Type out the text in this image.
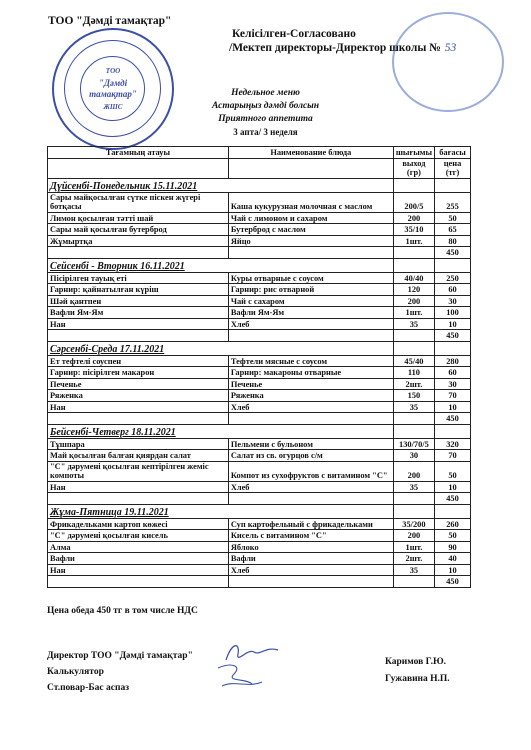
ТОО "Дәмді тамақтар"
Келісілген-Согласовано
/Мектеп директоры-Директор школы № 53
ТОО
"Дәмді
тамақтар"
ЖШС
Недельное меню
Астарыңыз дәмді болсын
Приятного аппетита
3 апта/ 3 неделя
Тағамның атауы	Наименование блюда	шығымы	бағасы
		выход (гр)	цена (тг)
Дүйсенбі-Понедельник 15.11.2021			
Сары майқосылған сүтке піскен жүгері ботқасы	Каша кукурузная молочная с маслом	200/5	255
Лимон қосылған тәтті шай	Чай с лимоном и сахаром	200	50
Сары май қосылған бутерброд	Бутерброд с маслом	35/10	65
Жұмыртқа	Яйцо	1шт.	80
			450
Сейсенбі - Вторник 16.11.2021			
Пісірілген тауық еті	Куры отварные с соусом	40/40	250
Гарнир: қайнатылған күріш	Гарнир: рис отварной	120	60
Шәй қантпен	Чай с сахаром	200	30
Вафли Ям-Ям	Вафли Ям-Ям	1шт.	100
Нан	Хлеб	35	10
			450
Сәрсенбі-Среда 17.11.2021			
Ет тефтелі соуспен	Тефтели мясные с соусом	45/40	280
Гарнир: пісірілген макарон	Гарнир: макароны отварные	110	60
Печенье	Печенье	2шт.	30
Ряженка	Ряженка	150	70
Нан	Хлеб	35	10
			450
Бейсенбі-Четверг 18.11.2021			
Тұшпара	Пельмени с бульоном	130/70/5	320
Май қосылған балған қиярдан салат	Салат из св. огурцов с/м	30	70
"С" дәрумені қосылған кептірілген жеміс компоты	Компот из сухофруктов с витамином "С"	200	50
Нан	Хлеб	35	10
			450
Жұма-Пятница 19.11.2021			
Фрикадельками картоп көжесі	Суп картофельный с фрикадельками	35/200	260
"С" дәрумені қосылған кисель	Кисель с витамином "С"	200	50
Алма	Яблоко	1шт.	90
Вафли	Вафли	2шт.	40
Нан	Хлеб	35	10
			450
Цена обеда 450 тг в том числе НДС
Директор ТОО "Дәмді тамақтар"
Калькулятор
Ст.повар-Бас аспаз
Каримов Г.Ю.
Гужавина Н.П.
